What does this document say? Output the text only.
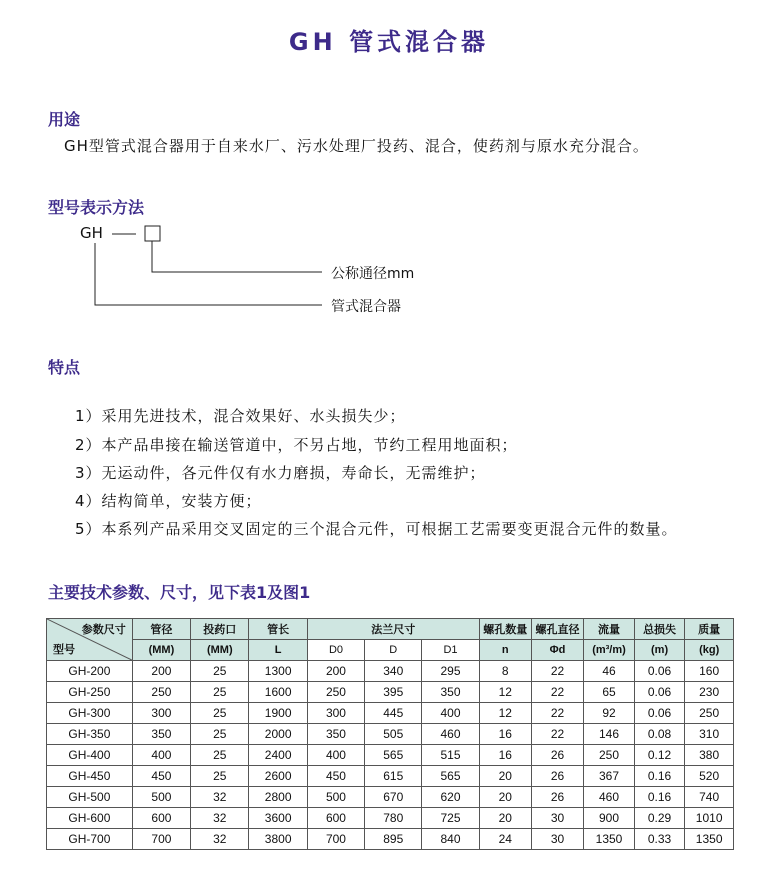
GH 管式混合器
用途
GH型管式混合器用于自来水厂、污水处理厂投药、混合，使药剂与原水充分混合。
型号表示方法
GH
公称通径mm
管式混合器
特点
1）采用先进技术，混合效果好、水头损失少；
2）本产品串接在输送管道中，不另占地，节约工程用地面积；
3）无运动件，各元件仅有水力磨损，寿命长，无需维护；
4）结构简单，安装方便；
5）本系列产品采用交叉固定的三个混合元件，可根据工艺需要变更混合元件的数量。
主要技术参数、尺寸，见下表1及图1
参数尺寸
型号	管径	投药口	管长	法兰尺寸			螺孔数量	螺孔直径	流量	总损失	质量
	(MM)	(MM)	L	D0	D	D1	n	Φd	(m³/m)	(m)	(kg)
GH-200	200	25	1300	200	340	295	8	22	46	0.06	160
GH-250	250	25	1600	250	395	350	12	22	65	0.06	230
GH-300	300	25	1900	300	445	400	12	22	92	0.06	250
GH-350	350	25	2000	350	505	460	16	22	146	0.08	310
GH-400	400	25	2400	400	565	515	16	26	250	0.12	380
GH-450	450	25	2600	450	615	565	20	26	367	0.16	520
GH-500	500	32	2800	500	670	620	20	26	460	0.16	740
GH-600	600	32	3600	600	780	725	20	30	900	0.29	1010
GH-700	700	32	3800	700	895	840	24	30	1350	0.33	1350
